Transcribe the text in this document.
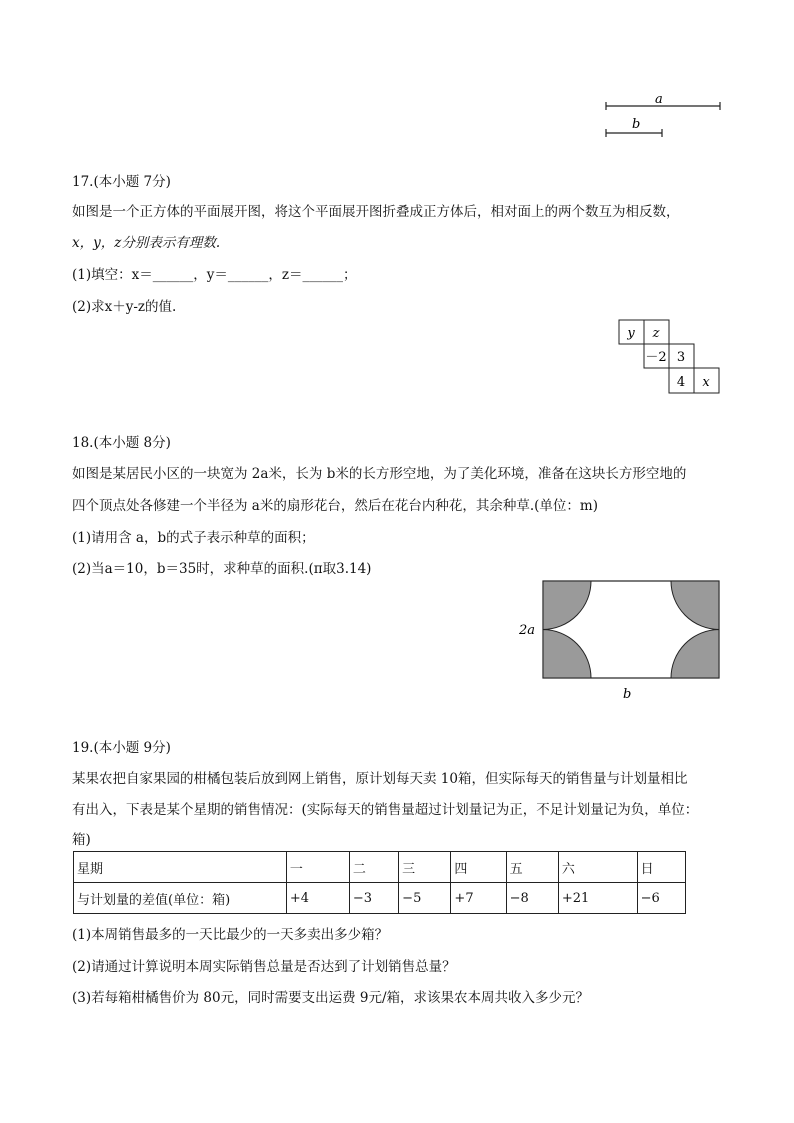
a
b
17.(本小题 7分)
如图是一个正方体的平面展开图，将这个平面展开图折叠成正方体后，相对面上的两个数互为相反数，
x，y，z分别表示有理数.
(1)填空：x＝______，y＝______，z＝______；
(2)求x＋y-z的值.
y z
－2 3
4 x
18.(本小题 8分)
如图是某居民小区的一块宽为 2a米，长为 b米的长方形空地，为了美化环境，准备在这块长方形空地的
四个顶点处各修建一个半径为 a米的扇形花台，然后在花台内种花，其余种草.(单位：m)
(1)请用含 a，b的式子表示种草的面积；
(2)当a＝10，b＝35时，求种草的面积.(π取3.14)
2a
b
19.(本小题 9分)
某果农把自家果园的柑橘包装后放到网上销售，原计划每天卖 10箱，但实际每天的销售量与计划量相比
有出入，下表是某个星期的销售情况：(实际每天的销售量超过计划量记为正，不足计划量记为负，单位：
箱)
星期	一	二	三	四	五	六	日
与计划量的差值(单位：箱)	+4	−3	−5	+7	−8	+21	−6
(1)本周销售最多的一天比最少的一天多卖出多少箱？
(2)请通过计算说明本周实际销售总量是否达到了计划销售总量？
(3)若每箱柑橘售价为 80元，同时需要支出运费 9元/箱，求该果农本周共收入多少元？
